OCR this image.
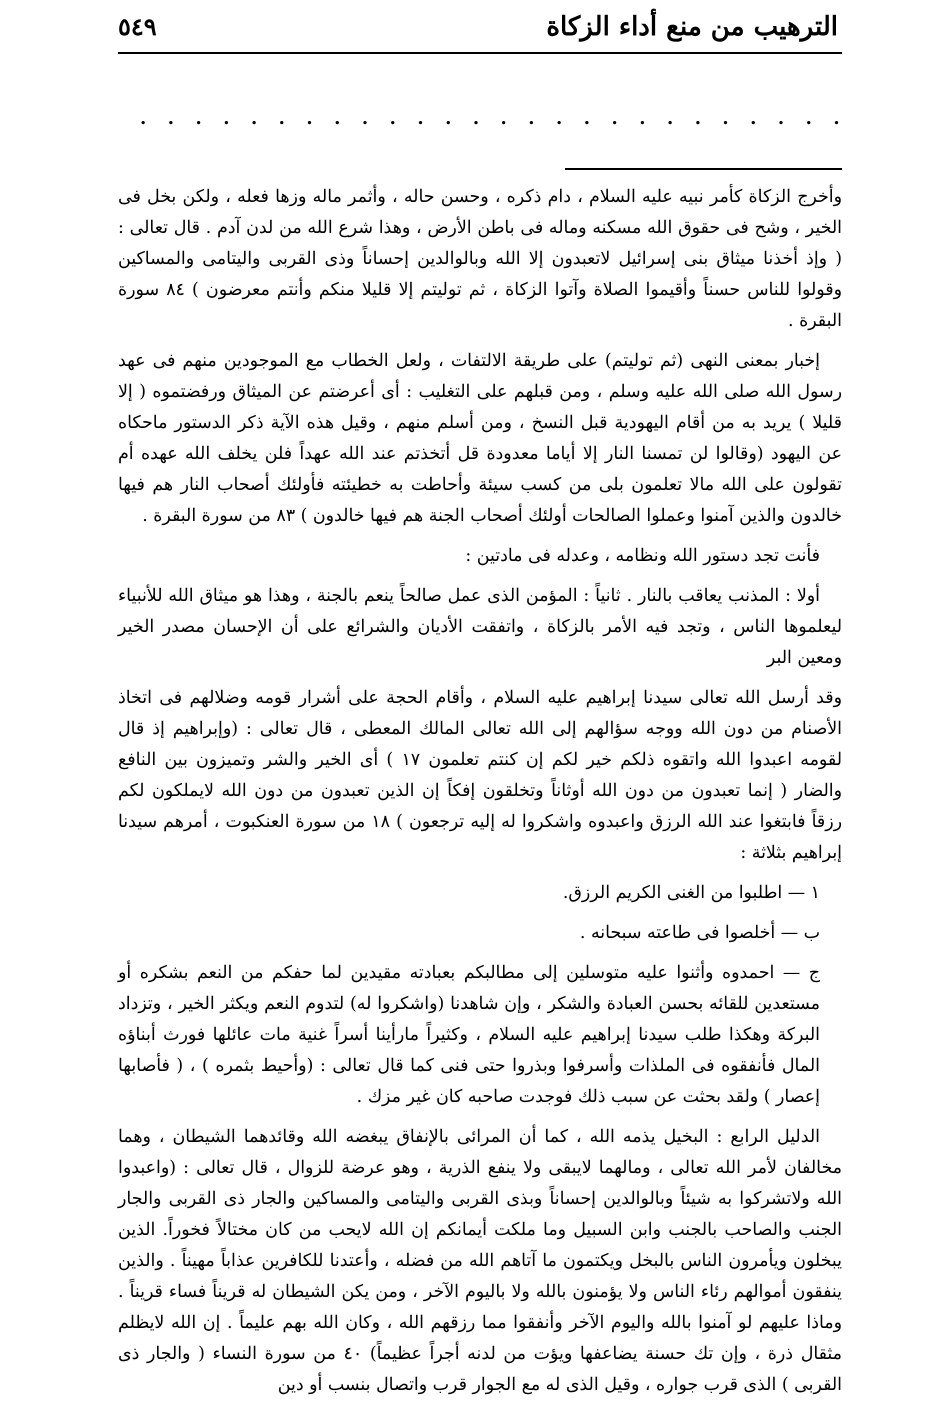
الترهيب من منع أداء الزكاة
٥٤٩
. . . . . . . . . . . . . . . . . . . . . . . . . .

وأخرج الزكاة كأمر نبيه عليه السلام ، دام ذكره ، وحسن حاله ، وأثمر ماله وزها فعله ، ولكن بخل فى الخير ، وشح فى حقوق الله مسكنه وماله فى باطن الأرض ، وهذا شرع الله من لدن آدم . قال تعالى : ( وإذ أخذنا ميثاق بنى إسرائيل لاتعبدون إلا الله وبالوالدين إحساناً وذى القربى واليتامى والمساكين وقولوا للناس حسناً وأقيموا الصلاة وآتوا الزكاة ، ثم توليتم إلا قليلا منكم وأنتم معرضون ) ٨٤ سورة البقرة .

إخبار بمعنى النهى (ثم توليتم) على طريقة الالتفات ، ولعل الخطاب مع الموجودين منهم فى عهد رسول الله صلى الله عليه وسلم ، ومن قبلهم على التغليب : أى أعرضتم عن الميثاق ورفضتموه ( إلا قليلا ) يريد به من أقام اليهودية قبل النسخ ، ومن أسلم منهم ، وقيل هذه الآية ذكر الدستور ماحكاه عن اليهود (وقالوا لن تمسنا النار إلا أياما معدودة قل أتخذتم عند الله عهداً فلن يخلف الله عهده أم تقولون على الله مالا تعلمون بلى من كسب سيئة وأحاطت به خطيئته فأولئك أصحاب النار هم فيها خالدون والذين آمنوا وعملوا الصالحات أولئك أصحاب الجنة هم فيها خالدون ) ٨٣ من سورة البقرة .

فأنت تجد دستور الله ونظامه ، وعدله فى مادتين :

أولا : المذنب يعاقب بالنار . ثانياً : المؤمن الذى عمل صالحاً ينعم بالجنة ، وهذا هو ميثاق الله للأنبياء ليعلموها الناس ، وتجد فيه الأمر بالزكاة ، واتفقت الأديان والشرائع على أن الإحسان مصدر الخير ومعين البر

وقد أرسل الله تعالى سيدنا إبراهيم عليه السلام ، وأقام الحجة على أشرار قومه وضلالهم فى اتخاذ الأصنام من دون الله ووجه سؤالهم إلى الله تعالى المالك المعطى ، قال تعالى : (وإبراهيم إذ قال لقومه اعبدوا الله واتقوه ذلكم خير لكم إن كنتم تعلمون ١٧ ) أى الخير والشر وتميزون بين النافع والضار ( إنما تعبدون من دون الله أوثاناً وتخلقون إفكاً إن الذين تعبدون من دون الله لايملكون لكم رزقاً فابتغوا عند الله الرزق واعبدوه واشكروا له إليه ترجعون ) ١٨ من سورة العنكبوت ، أمرهم سيدنا إبراهيم بثلاثة :

١ — اطلبوا من الغنى الكريم الرزق.

ب — أخلصوا فى طاعته سبحانه .

ج — احمدوه وأثنوا عليه متوسلين إلى مطالبكم بعبادته مقيدين لما حفكم من النعم بشكره أو مستعدين للقائه بحسن العبادة والشكر ، وإن شاهدنا (واشكروا له) لتدوم النعم ويكثر الخير ، وتزداد البركة وهكذا طلب سيدنا إبراهيم عليه السلام ، وكثيراً مارأينا أسراً غنية مات عائلها فورث أبناؤه المال فأنفقوه فى الملذات وأسرفوا وبذروا حتى فنى كما قال تعالى : (وأحيط بثمره ) ، ( فأصابها إعصار ) ولقد بحثت عن سبب ذلك فوجدت صاحبه كان غير مزك .

الدليل الرابع : البخيل يذمه الله ، كما أن المرائى بالإنفاق يبغضه الله وقائدهما الشيطان ، وهما مخالفان لأمر الله تعالى ، ومالهما لايبقى ولا ينفع الذرية ، وهو عرضة للزوال ، قال تعالى : (واعبدوا الله ولاتشركوا به شيئاً وبالوالدين إحساناً وبذى القربى واليتامى والمساكين والجار ذى القربى والجار الجنب والصاحب بالجنب وابن السبيل وما ملكت أيمانكم إن الله لايحب من كان مختالاً فخوراً. الذين يبخلون ويأمرون الناس بالبخل ويكتمون ما آتاهم الله من فضله ، وأعتدنا للكافرين عذاباً مهيناً . والذين ينفقون أموالهم رئاء الناس ولا يؤمنون بالله ولا باليوم الآخر ، ومن يكن الشيطان له قريناً فساء قريناً . وماذا عليهم لو آمنوا بالله واليوم الآخر وأنفقوا مما رزقهم الله ، وكان الله بهم عليماً . إن الله لايظلم مثقال ذرة ، وإن تك حسنة يضاعفها ويؤت من لدنه أجراً عظيماً) ٤٠ من سورة النساء ( والجار ذى القربى ) الذى قرب جواره ، وقيل الذى له مع الجوار قرب واتصال بنسب أو دين
